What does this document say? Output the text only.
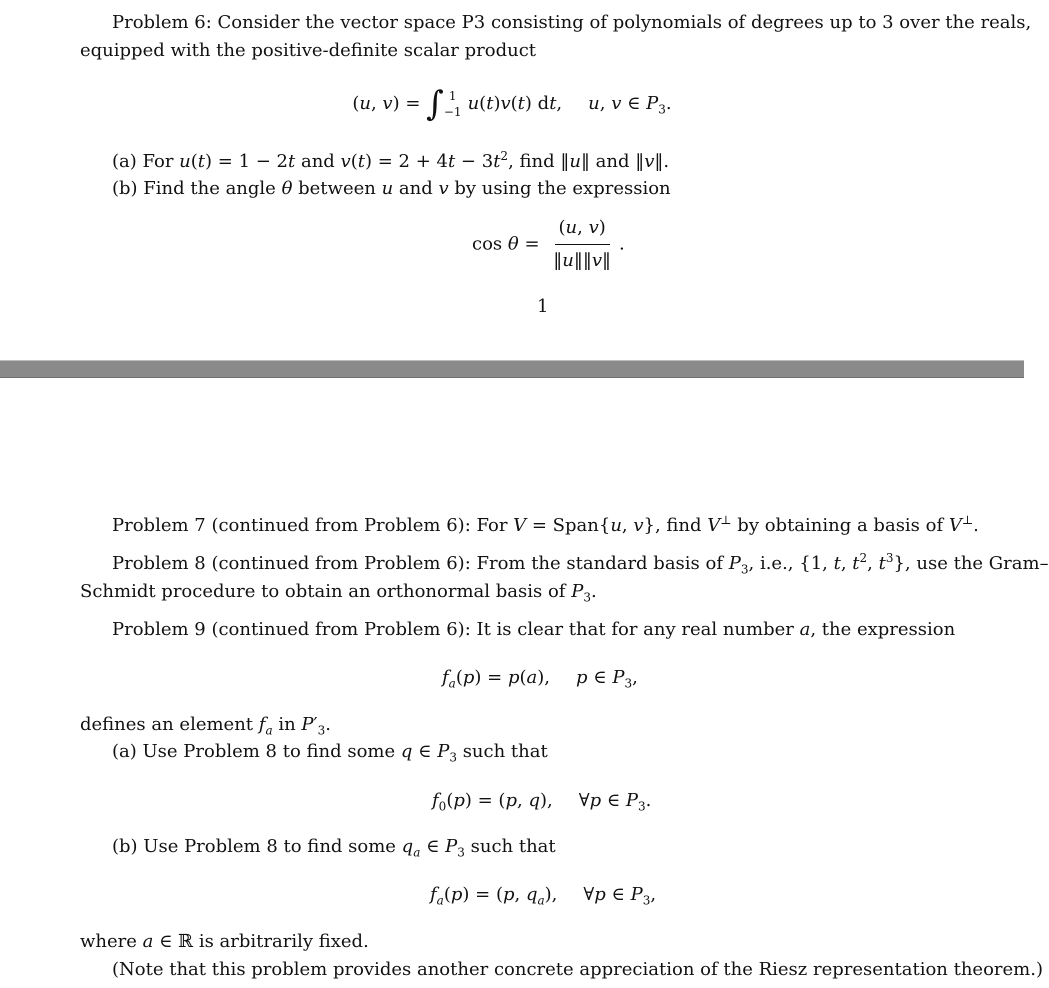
Problem 6: Consider the vector space P3 consisting of polynomials of degrees up to 3 over the reals,
equipped with the positive-definite scalar product
(u, v) = ∫ 1
−1 u(t)v(t) dt, u, v ∈ $P_3$.
(a) For u(t) = 1 − 2t and $v(t) = 2 + 4t - 3t^2$, find ‖u‖ and ‖v‖.
(b) Find the angle θ between u and v by using the expression
$\cos \theta = \frac{(u, v)}{‖u‖‖v‖}$ .
1
Problem 7 (continued from Problem 6): For V = Span{u, v}, find V⊥ by obtaining a basis of V⊥.
Problem 8 (continued from Problem 6): From the standard basis of $P_3$, i.e., {1, t, $t^2$, $t^3$}, use the Gram–
Schmidt procedure to obtain an orthonormal basis of $P_3$.
Problem 9 (continued from Problem 6): It is clear that for any real number a, the expression
$f_a(p) = p(a)$, p ∈ $P_3$,
defines an element $f_a$ in $P'_3$.
(a) Use Problem 8 to find some q ∈ $P_3$ such that
$f_0(p) = (p$, q), ∀p ∈ $P_3$.
(b) Use Problem 8 to find some $q_a$ ∈ $P_3$ such that
$f_a(p) = (p$, $q_a$), ∀p ∈ $P_3$,
where a ∈ ℝ is arbitrarily fixed.
(Note that this problem provides another concrete appreciation of the Riesz representation theorem.)
